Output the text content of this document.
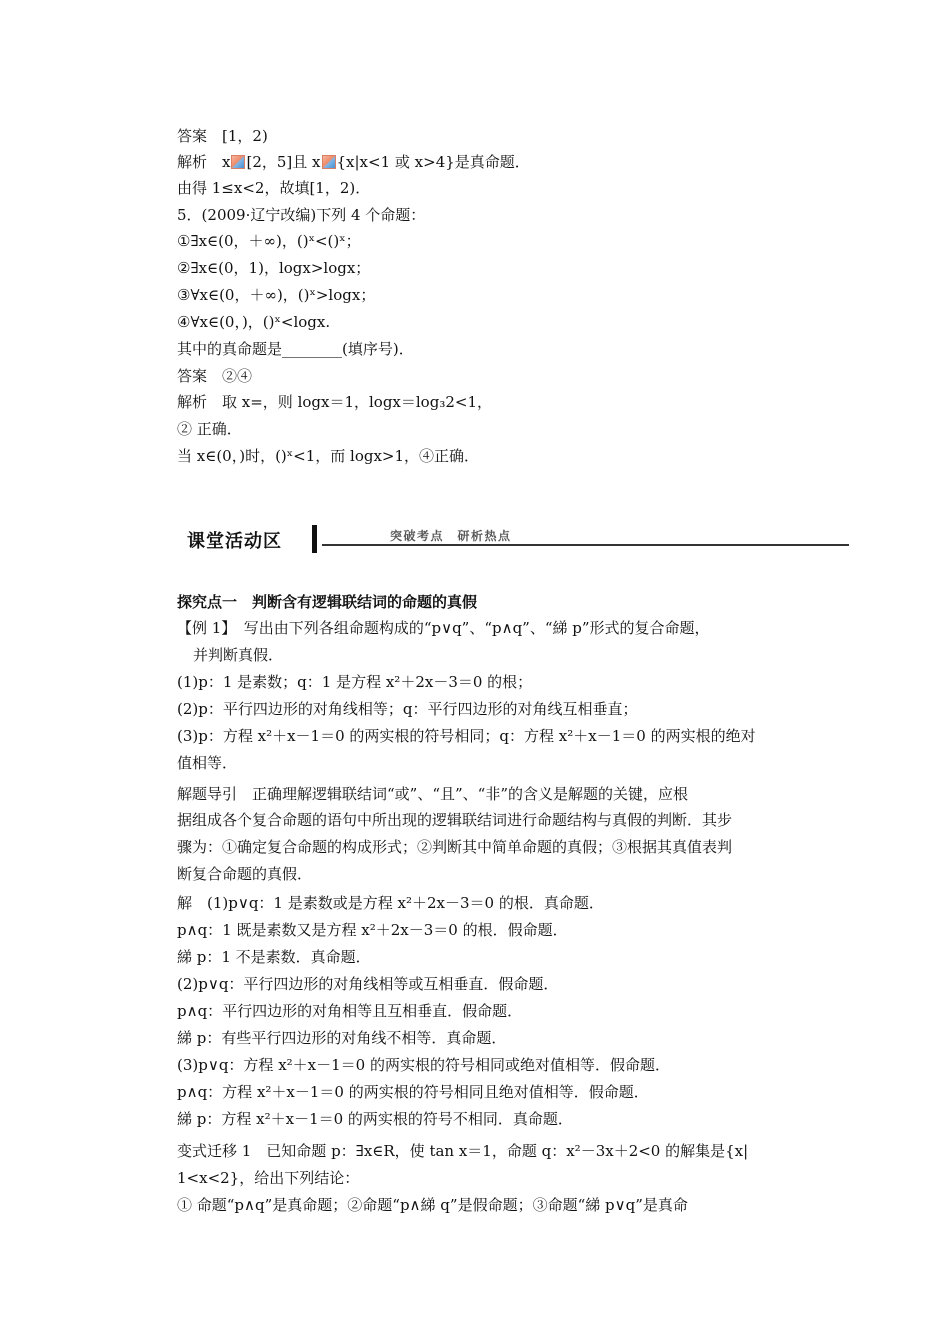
答案　[1，2)
解析　x [2，5]且 x {x|x<1 或 x>4}是真命题．
由得 1≤x<2，故填[1，2)．
5．(2009·辽宁改编)下列 4 个命题：
①∃x∈(0，＋∞)，()ˣ<()ˣ；
②∃x∈(0，1)，logx>logx；
③∀x∈(0，＋∞)，()ˣ>logx；
④∀x∈(0，)，()ˣ<logx.
其中的真命题是________(填序号)．
答案　②④
解析　取 x=，则 logx＝1，logx＝log₃2<1，
② 正确．
当 x∈(0，)时，()ˣ<1，而 logx>1，④正确．
课堂活动区	突破考点　研析热点
探究点一　判断含有逻辑联结词的命题的真假
【例 1】　写出由下列各组命题构成的“p∨q”、“p∧q”、“綈 p”形式的复合命题，
并判断真假．
(1)p：1 是素数；q：1 是方程 x²＋2x－3＝0 的根；
(2)p：平行四边形的对角线相等；q：平行四边形的对角线互相垂直；
(3)p：方程 x²＋x－1＝0 的两实根的符号相同；q：方程 x²＋x－1＝0 的两实根的绝对
值相等．
解题导引　正确理解逻辑联结词“或”、“且”、“非”的含义是解题的关键，应根
据组成各个复合命题的语句中所出现的逻辑联结词进行命题结构与真假的判断．其步
骤为：①确定复合命题的构成形式；②判断其中简单命题的真假；③根据其真值表判
断复合命题的真假．
解　(1)p∨q：1 是素数或是方程 x²＋2x－3＝0 的根．真命题．
p∧q：1 既是素数又是方程 x²＋2x－3＝0 的根．假命题．
綈 p：1 不是素数．真命题．
(2)p∨q：平行四边形的对角线相等或互相垂直．假命题．
p∧q：平行四边形的对角相等且互相垂直．假命题．
綈 p：有些平行四边形的对角线不相等．真命题．
(3)p∨q：方程 x²＋x－1＝0 的两实根的符号相同或绝对值相等．假命题．
p∧q：方程 x²＋x－1＝0 的两实根的符号相同且绝对值相等．假命题．
綈 p：方程 x²＋x－1＝0 的两实根的符号不相同．真命题．
变式迁移 1　已知命题 p：∃x∈R，使 tan x＝1，命题 q：x²－3x＋2<0 的解集是{x|
1<x<2}，给出下列结论：
① 命题“p∧q”是真命题；②命题“p∧綈 q”是假命题；③命题“綈 p∨q”是真命
